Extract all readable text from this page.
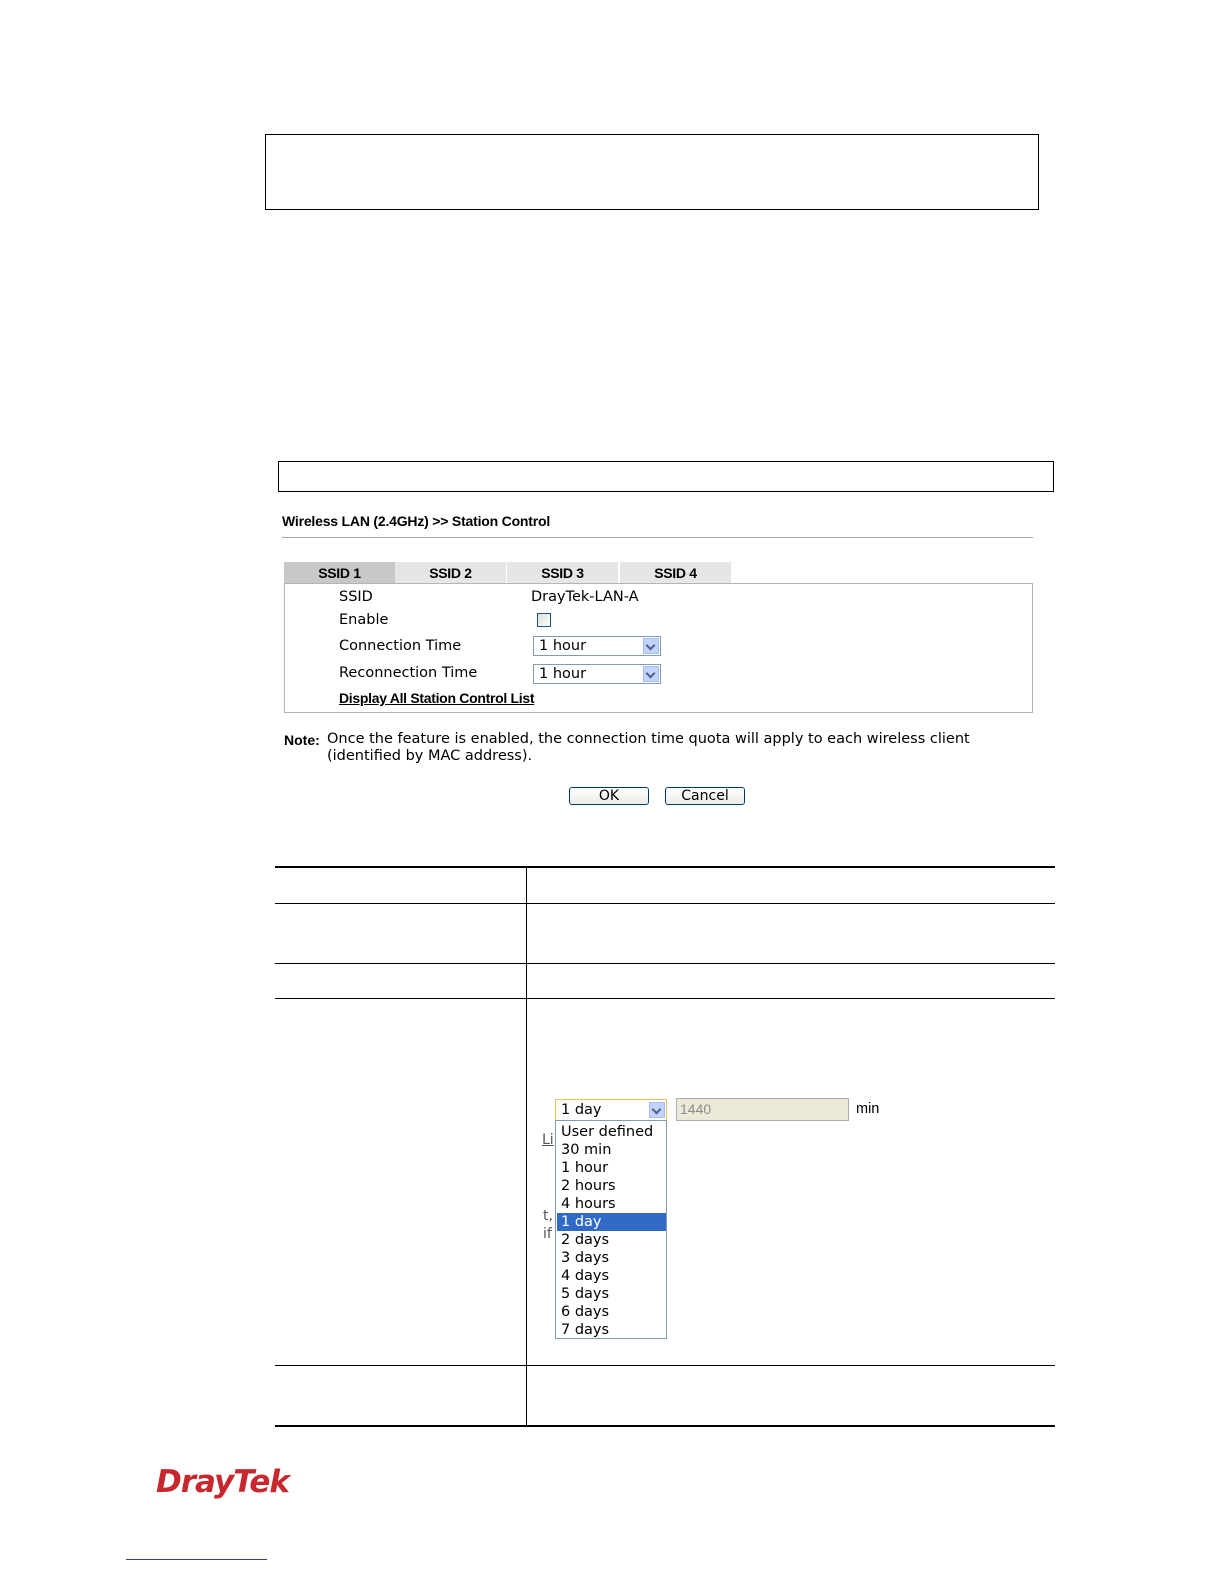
Wireless LAN (2.4GHz) >> Station Control
SSID 1	SSID 2	SSID 3	SSID 4
SSID	DrayTek-LAN-A
Enable
Connection Time	1 hour
Reconnection Time	1 hour
Display All Station Control List
Note: Once the feature is enabled, the connection time quota will apply to each wireless client (identified by MAC address).
OK	Cancel
1 day	1440	min
Li
t,
if
User defined
30 min
1 hour
2 hours
4 hours
1 day
2 days
3 days
4 days
5 days
6 days
7 days
DrayTek
